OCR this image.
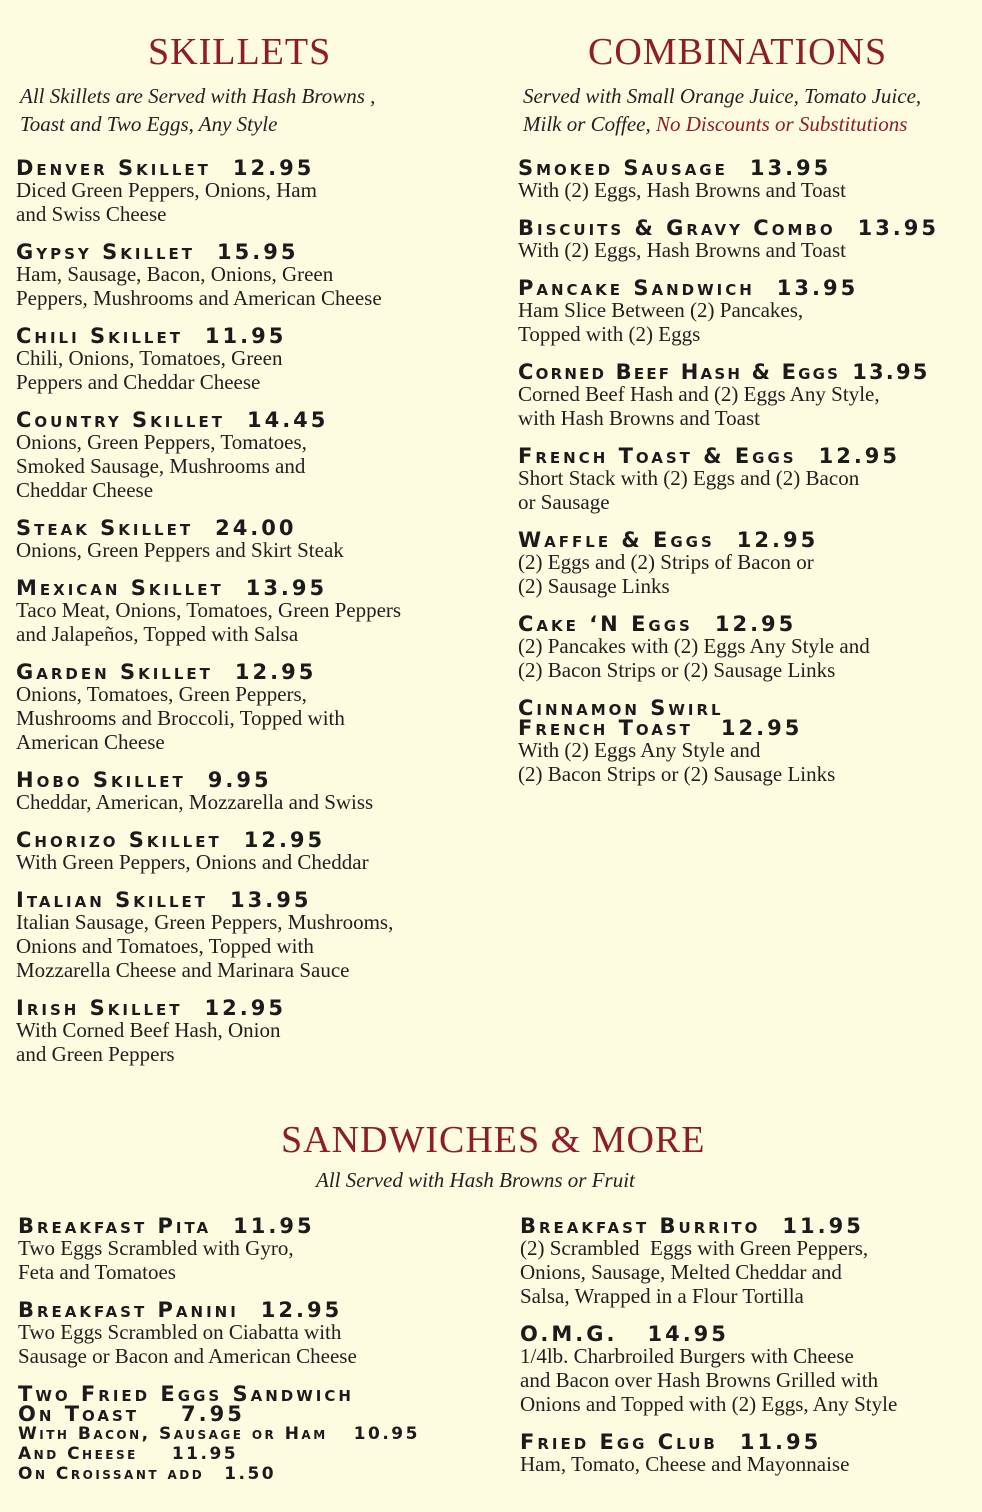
SKILLETS

All Skillets are Served with Hash Browns ,

Toast and Two Eggs, Any Style

Denver Skillet 12.95
Diced Green Peppers, Onions, Ham
and Swiss Cheese
Gypsy Skillet 15.95
Ham, Sausage, Bacon, Onions, Green
Peppers, Mushrooms and American Cheese
Chili Skillet 11.95
Chili, Onions, Tomatoes, Green
Peppers and Cheddar Cheese
Country Skillet 14.45
Onions, Green Peppers, Tomatoes,
Smoked Sausage, Mushrooms and
Cheddar Cheese
Steak Skillet 24.00
Onions, Green Peppers and Skirt Steak
Mexican Skillet 13.95
Taco Meat, Onions, Tomatoes, Green Peppers
and Jalapeños, Topped with Salsa
Garden Skillet 12.95
Onions, Tomatoes, Green Peppers,
Mushrooms and Broccoli, Topped with
American Cheese
Hobo Skillet 9.95
Cheddar, American, Mozzarella and Swiss
Chorizo Skillet 12.95
With Green Peppers, Onions and Cheddar
Italian Skillet 13.95
Italian Sausage, Green Peppers, Mushrooms,
Onions and Tomatoes, Topped with
Mozzarella Cheese and Marinara Sauce
Irish Skillet 12.95
With Corned Beef Hash, Onion
and Green Peppers
COMBINATIONS

Served with Small Orange Juice, Tomato Juice,

Milk or Coffee, No Discounts or Substitutions

Smoked Sausage 13.95
With (2) Eggs, Hash Browns and Toast
Biscuits & Gravy Combo 13.95
With (2) Eggs, Hash Browns and Toast
Pancake Sandwich 13.95
Ham Slice Between (2) Pancakes,
Topped with (2) Eggs
Corned Beef Hash & Eggs 13.95
Corned Beef Hash and (2) Eggs Any Style,
with Hash Browns and Toast
French Toast & Eggs 12.95
Short Stack with (2) Eggs and (2) Bacon
or Sausage
Waffle & Eggs 12.95
(2) Eggs and (2) Strips of Bacon or
(2) Sausage Links
Cake ‘N Eggs 12.95
(2) Pancakes with (2) Eggs Any Style and
(2) Bacon Strips or (2) Sausage Links
Cinnamon Swirl
French Toast 12.95
With (2) Eggs Any Style and
(2) Bacon Strips or (2) Sausage Links
SANDWICHES & MORE

All Served with Hash Browns or Fruit

Breakfast Pita 11.95
Two Eggs Scrambled with Gyro,
Feta and Tomatoes
Breakfast Panini 12.95
Two Eggs Scrambled on Ciabatta with
Sausage or Bacon and American Cheese
Two Fried Eggs Sandwich
On Toast 7.95
With Bacon, Sausage or Ham 10.95
And Cheese 11.95
On Croissant add 1.50
Breakfast Burrito 11.95
(2) Scrambled  Eggs with Green Peppers,
Onions, Sausage, Melted Cheddar and
Salsa, Wrapped in a Flour Tortilla
O.M.G. 14.95
1/4lb. Charbroiled Burgers with Cheese
and Bacon over Hash Browns Grilled with
Onions and Topped with (2) Eggs, Any Style
Fried Egg Club 11.95
Ham, Tomato, Cheese and Mayonnaise
